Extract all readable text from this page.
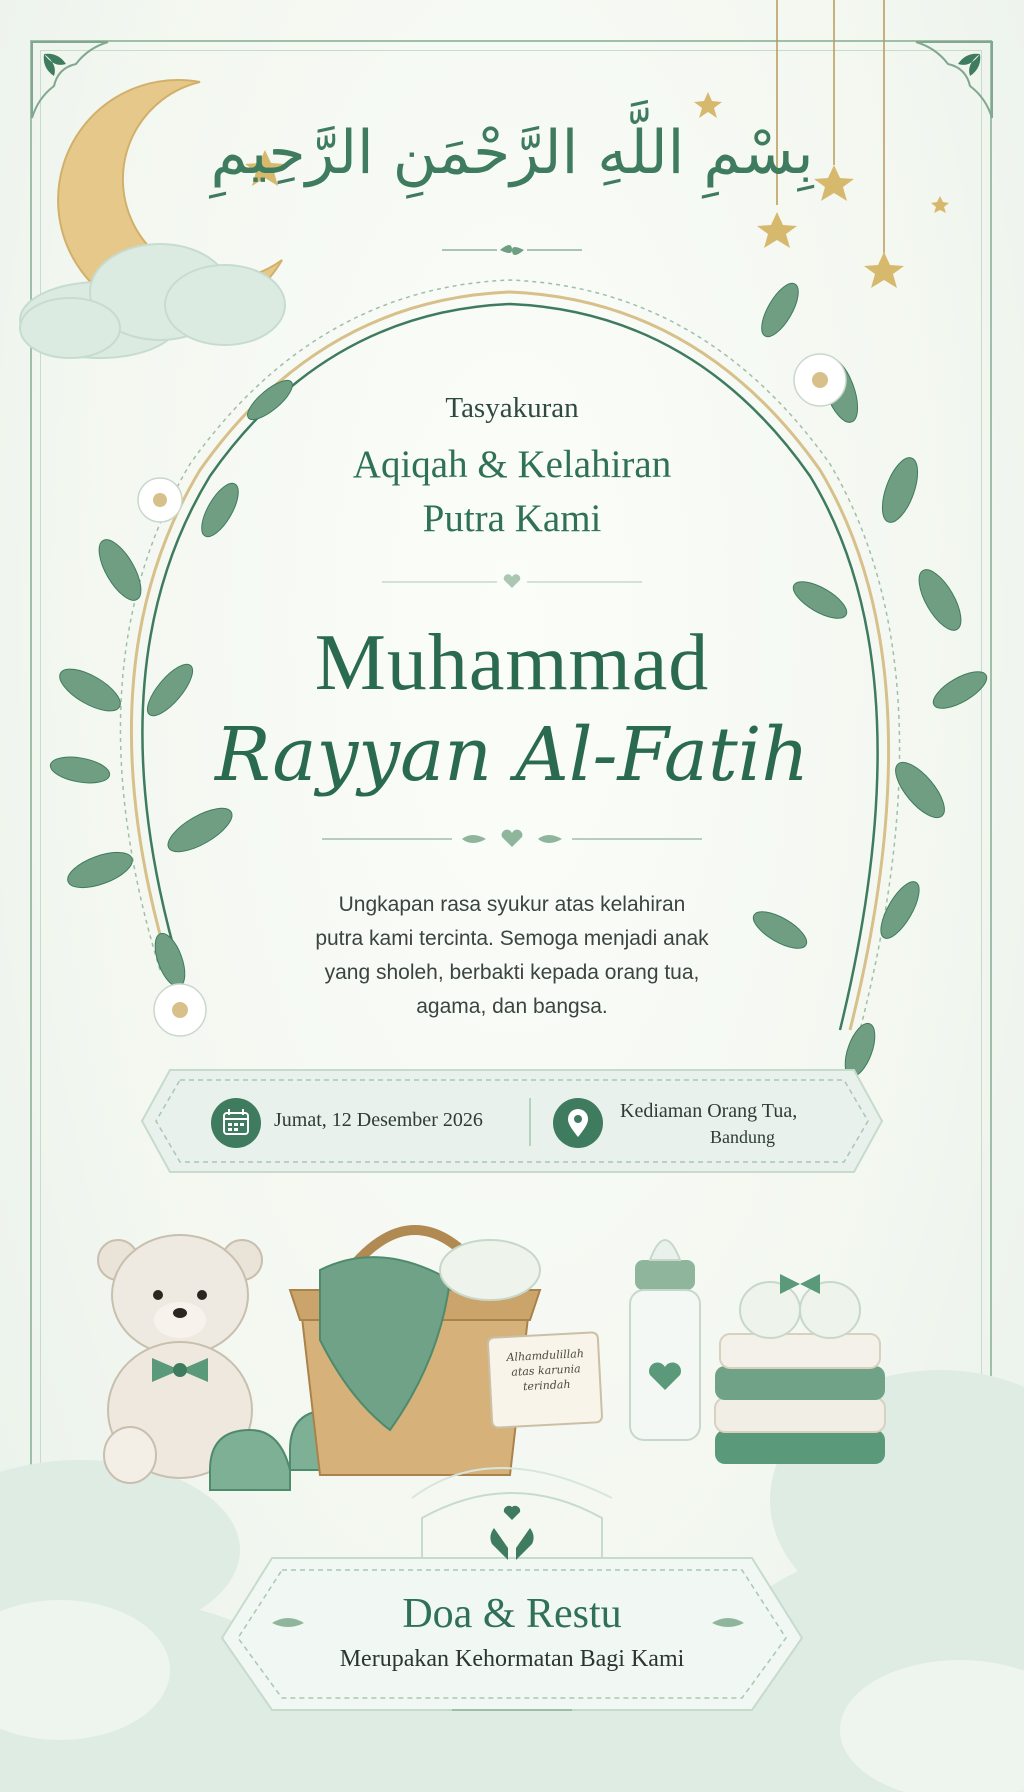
بِسْمِ اللَّهِ الرَّحْمَنِ الرَّحِيمِ
Tasyakuran
Aqiqah & Kelahiran
Putra Kami
Muhammad
Rayyan Al-Fatih
Ungkapan rasa syukur atas kelahiran
putra kami tercinta. Semoga menjadi anak
yang sholeh, berbakti kepada orang tua,
agama, dan bangsa.
Jumat, 12 Desember 2026	Kediaman Orang Tua,
Bandung
Alhamdulillah
atas karunia
terindah
Doa & Restu
Merupakan Kehormatan Bagi Kami
